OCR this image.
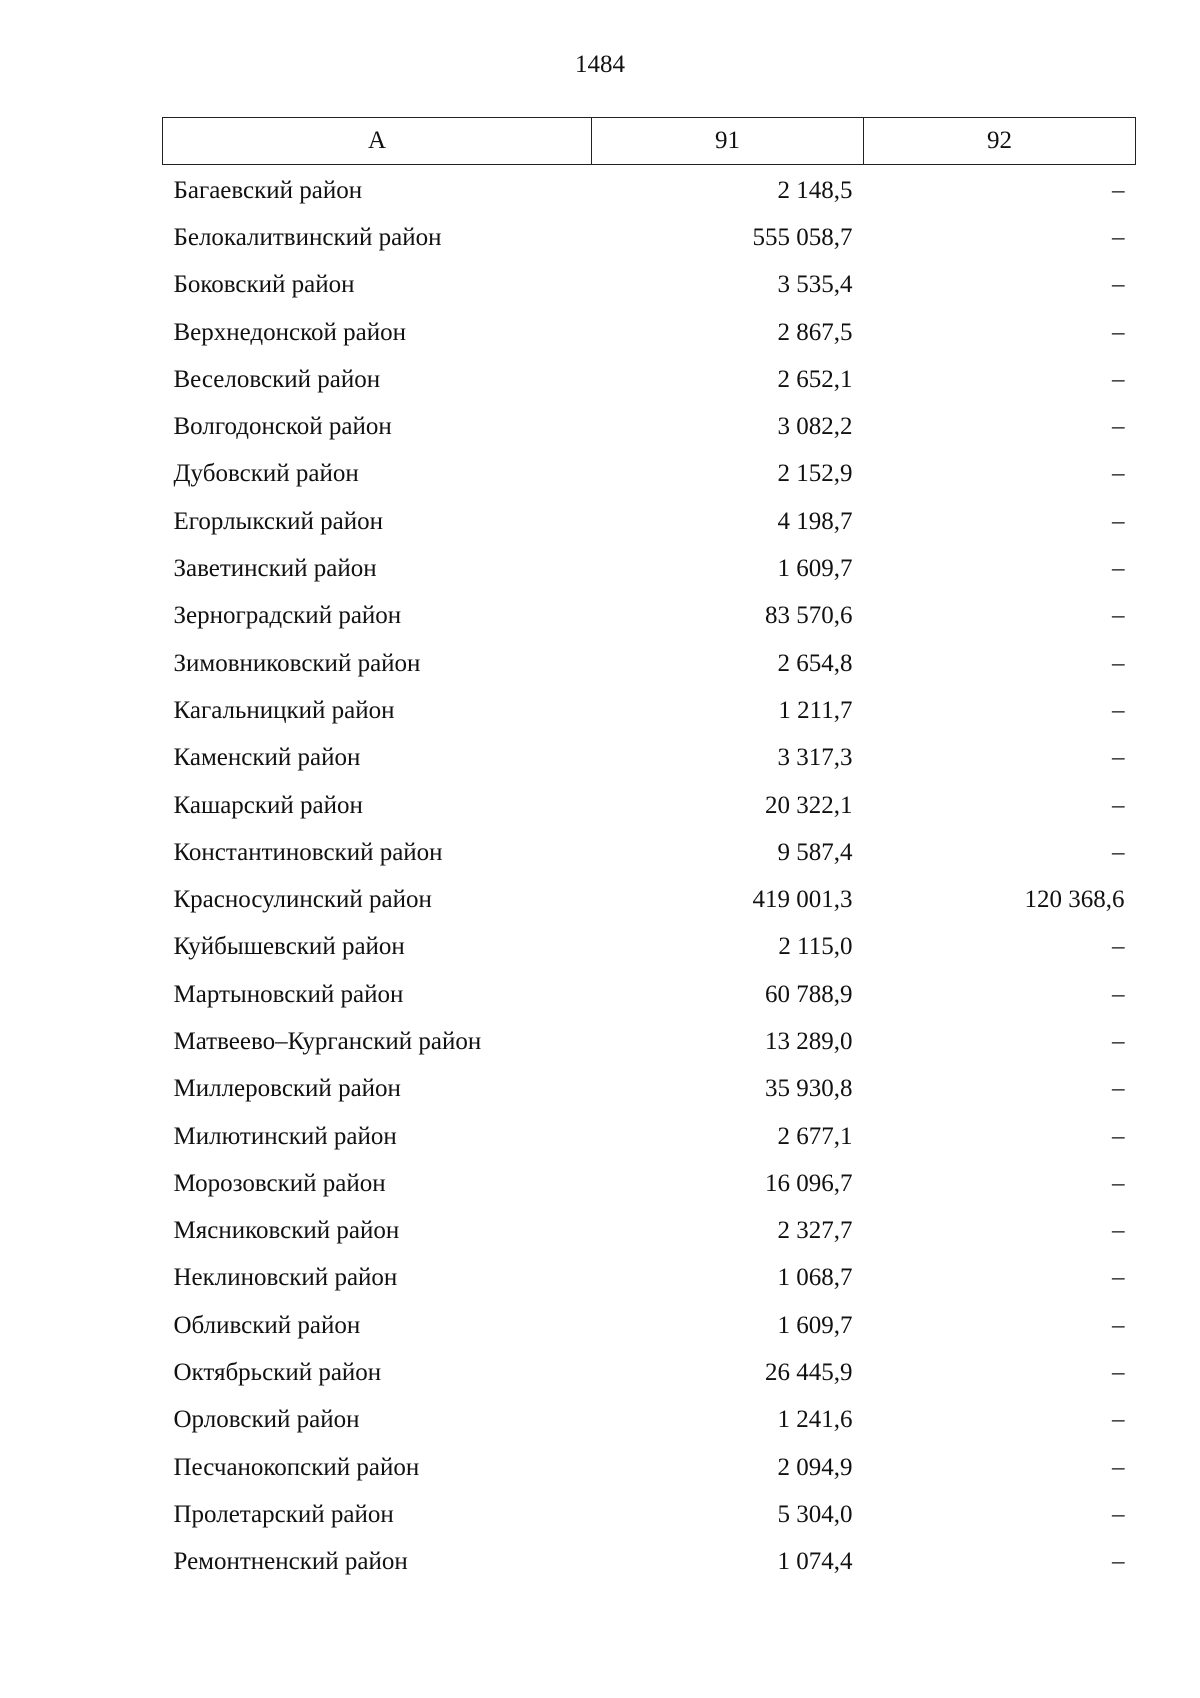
1484
А	91	92
Багаевский район	2 148,5	–
Белокалитвинский район	555 058,7	–
Боковский район	3 535,4	–
Верхнедонской район	2 867,5	–
Веселовский район	2 652,1	–
Волгодонской район	3 082,2	–
Дубовский район	2 152,9	–
Егорлыкский район	4 198,7	–
Заветинский район	1 609,7	–
Зерноградский район	83 570,6	–
Зимовниковский район	2 654,8	–
Кагальницкий район	1 211,7	–
Каменский район	3 317,3	–
Кашарский район	20 322,1	–
Константиновский район	9 587,4	–
Красносулинский район	419 001,3	120 368,6
Куйбышевский район	2 115,0	–
Мартыновский район	60 788,9	–
Матвеево–Курганский район	13 289,0	–
Миллеровский район	35 930,8	–
Милютинский район	2 677,1	–
Морозовский район	16 096,7	–
Мясниковский район	2 327,7	–
Неклиновский район	1 068,7	–
Обливский район	1 609,7	–
Октябрьский район	26 445,9	–
Орловский район	1 241,6	–
Песчанокопский район	2 094,9	–
Пролетарский район	5 304,0	–
Ремонтненский район	1 074,4	–
